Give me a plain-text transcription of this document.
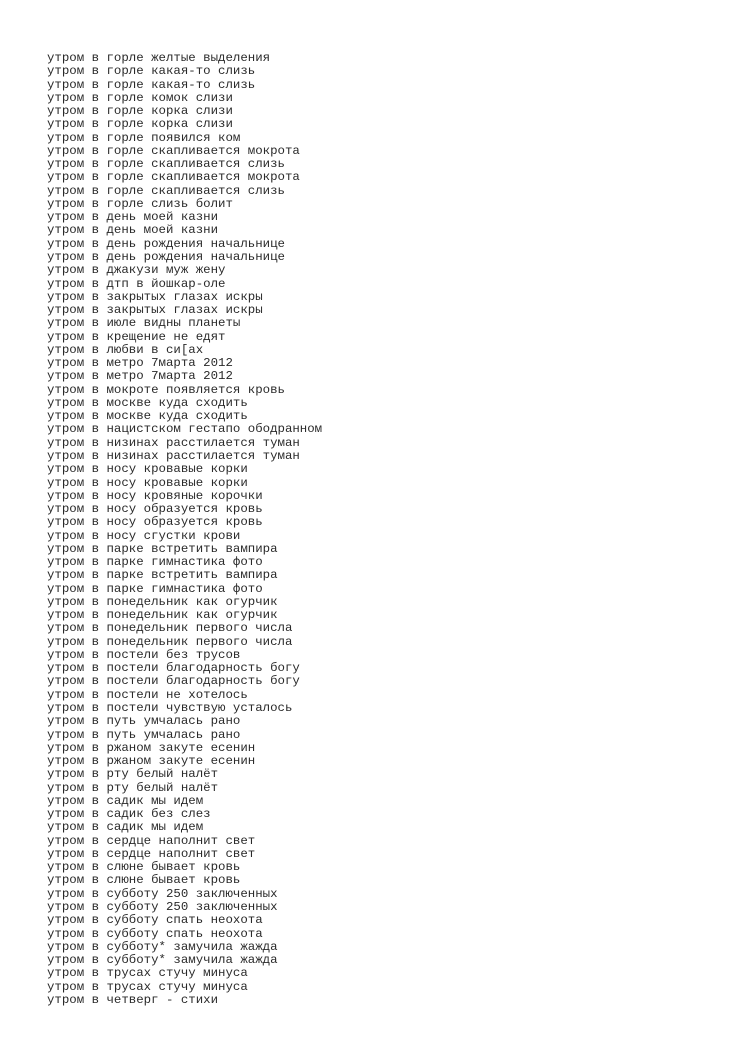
утром в горле желтые выделения
утром в горле какая-то слизь
утром в горле какая-то слизь
утром в горле комок слизи
утром в горле корка слизи
утром в горле корка слизи
утром в горле появился ком
утром в горле скапливается мокрота
утром в горле скапливается слизь
утром в горле скапливается мокрота
утром в горле скапливается слизь
утром в горле слизь болит
утром в день моей казни
утром в день моей казни
утром в день рождения начальнице
утром в день рождения начальнице
утром в джакузи муж жену
утром в дтп в йошкар-оле
утром в закрытых глазах искры
утром в закрытых глазах искры
утром в июле видны планеты
утром в крещение не едят
утром в любви в си[ах
утром в метро 7марта 2012
утром в метро 7марта 2012
утром в мокроте появляется кровь
утром в москве куда сходить
утром в москве куда сходить
утром в нацистском гестапо ободранном
утром в низинах расстилается туман
утром в низинах расстилается туман
утром в носу кровавые корки
утром в носу кровавые корки
утром в носу кровяные корочки
утром в носу образуется кровь
утром в носу образуется кровь
утром в носу сгустки крови
утром в парке встретить вампира
утром в парке гимнастика фото
утром в парке встретить вампира
утром в парке гимнастика фото
утром в понедельник как огурчик
утром в понедельник как огурчик
утром в понедельник первого числа
утром в понедельник первого числа
утром в постели без трусов
утром в постели благодарность богу
утром в постели благодарность богу
утром в постели не хотелось
утром в постели чувствую усталось
утром в путь умчалась рано
утром в путь умчалась рано
утром в ржаном закуте есенин
утром в ржаном закуте есенин
утром в рту белый налёт
утром в рту белый налёт
утром в садик мы идем
утром в садик без слез
утром в садик мы идем
утром в сердце наполнит свет
утром в сердце наполнит свет
утром в слюне бывает кровь
утром в слюне бывает кровь
утром в субботу 250 заключенных
утром в субботу 250 заключенных
утром в субботу спать неохота
утром в субботу спать неохота
утром в субботу* замучила жажда
утром в субботу* замучила жажда
утром в трусах стучу минуса
утром в трусах стучу минуса
утром в четверг - стихи
